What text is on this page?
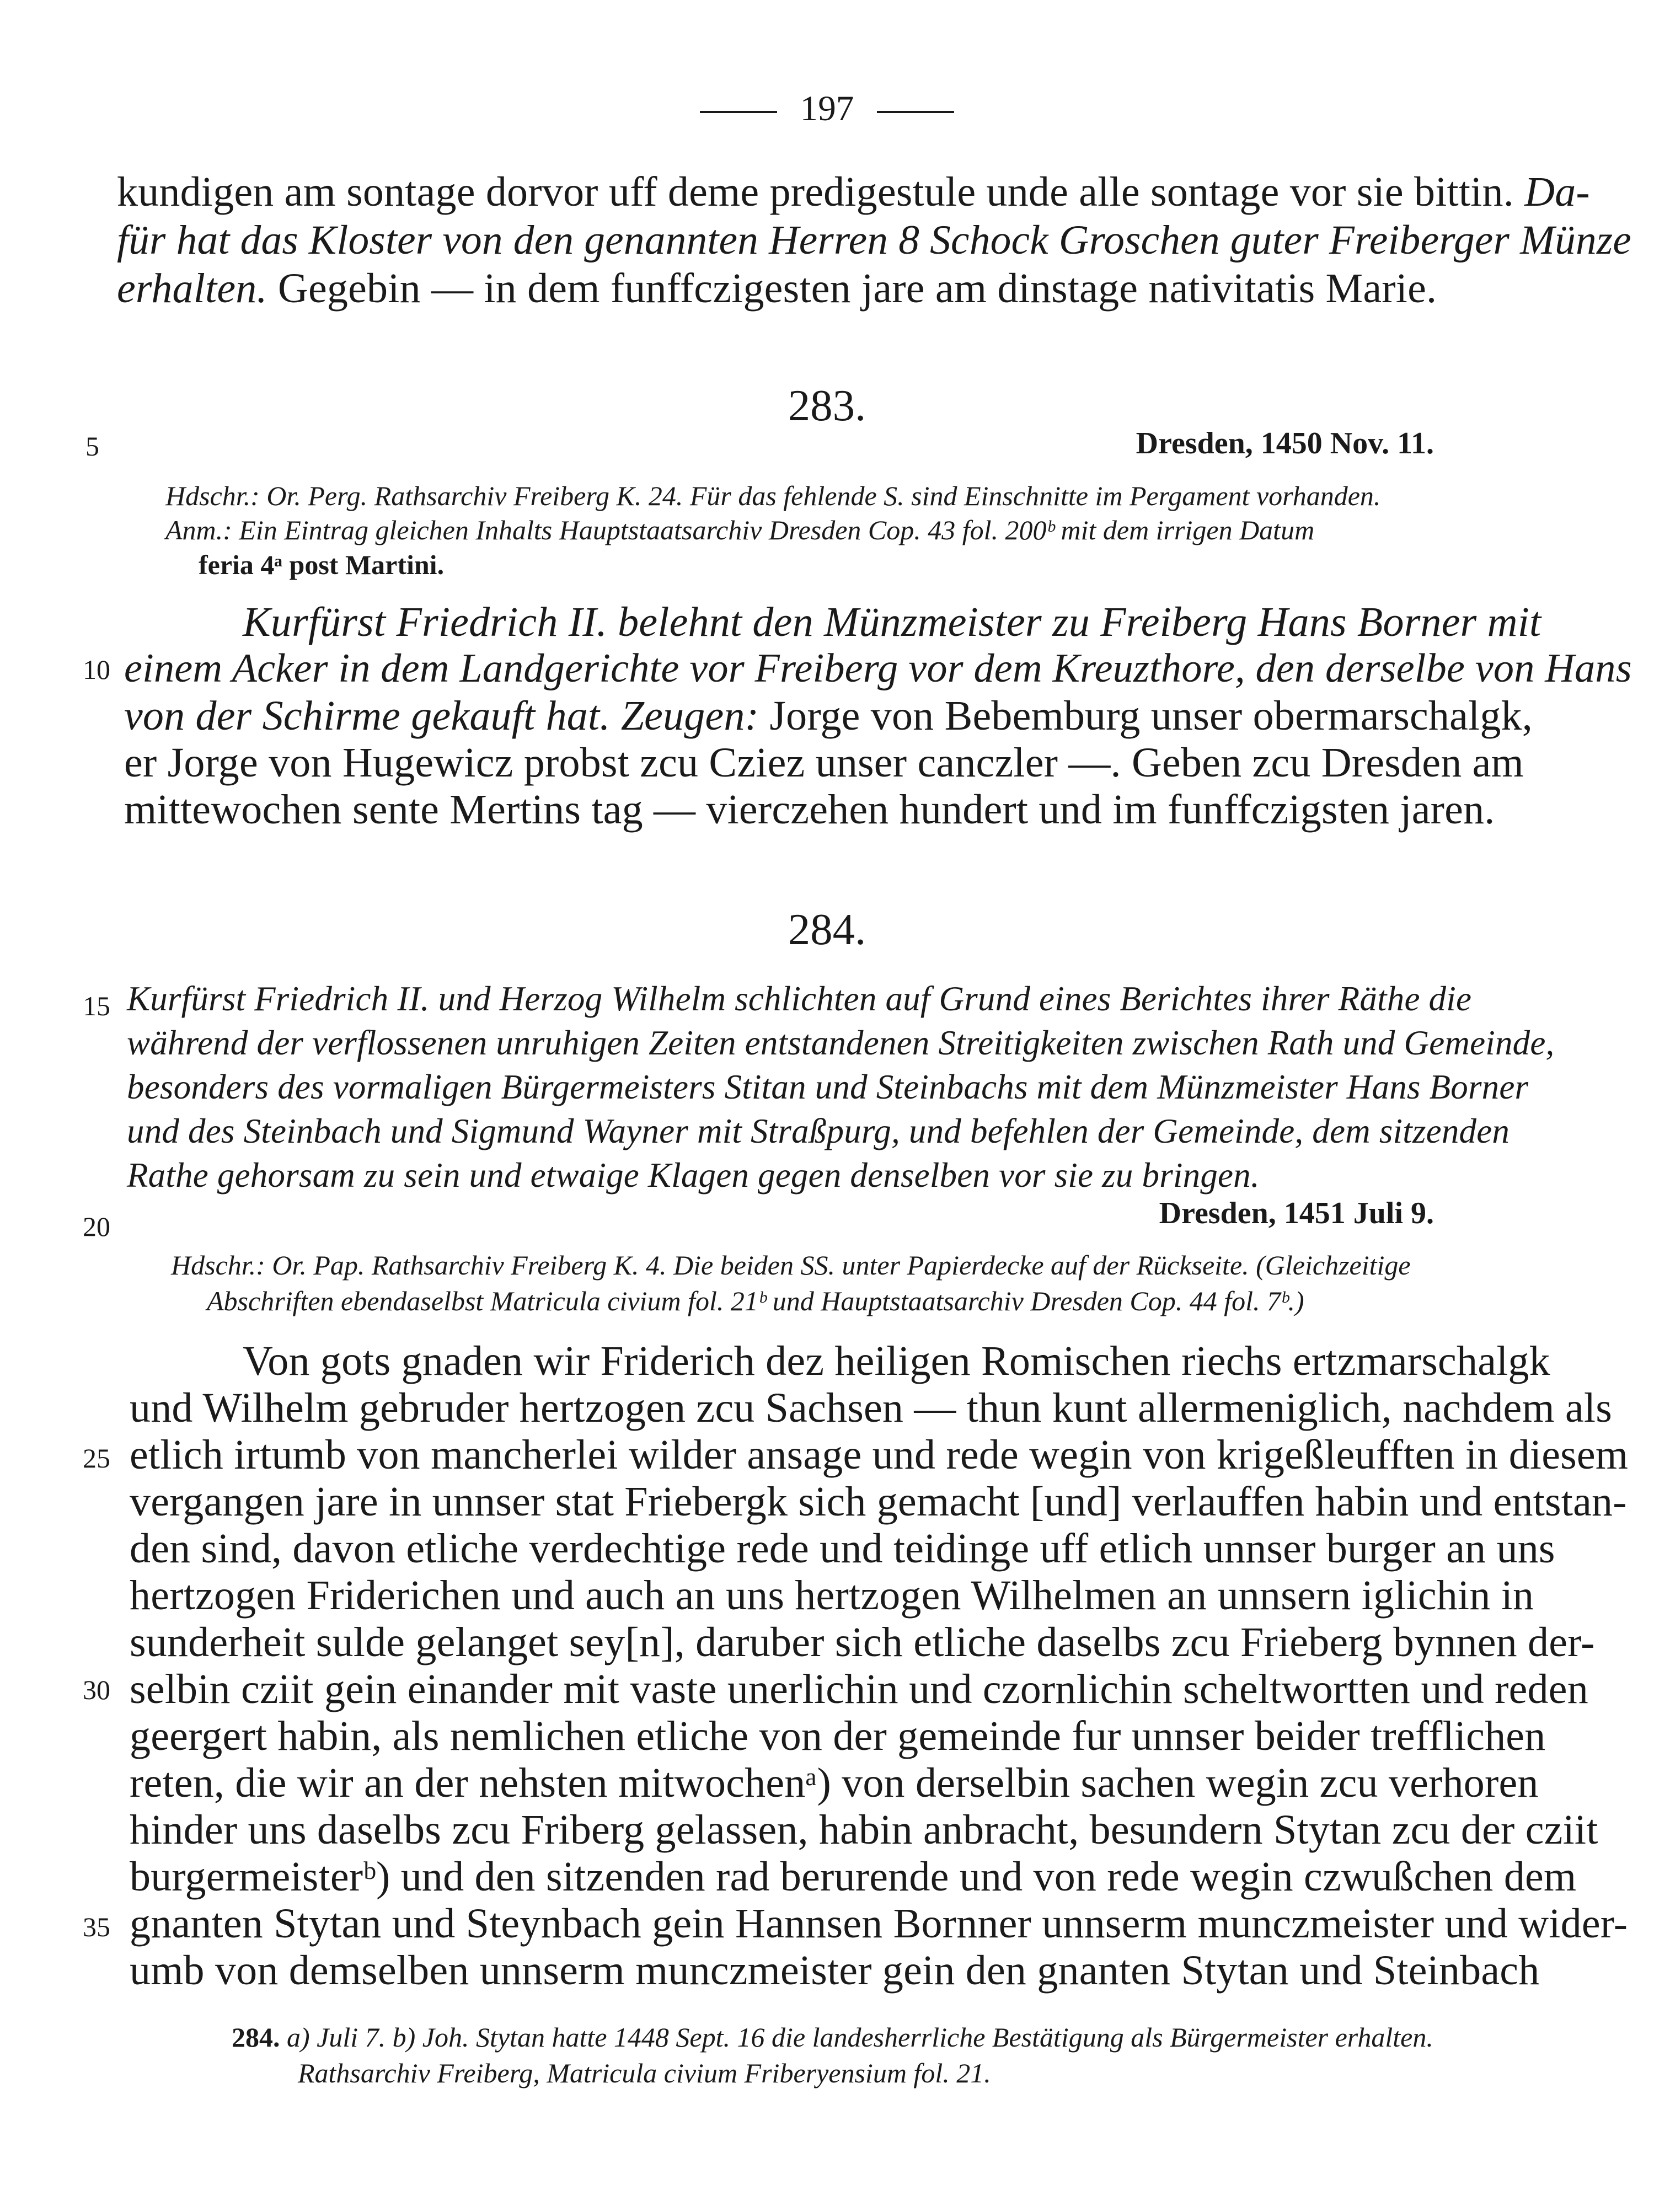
197

kundigen am sontage dorvor uff deme predigestule unde alle sontage vor sie bittin. Da-

für hat das Kloster von den genannten Herren 8 Schock Groschen guter Freiberger Münze

erhalten. Gegebin — in dem funffczigesten jare am dinstage nativitatis Marie.

283.
5	Dresden, 1450 Nov. 11.

Hdschr.: Or. Perg. Rathsarchiv Freiberg K. 24. Für das fehlende S. sind Einschnitte im Pergament vorhanden.

Anm.: Ein Eintrag gleichen Inhalts Hauptstaatsarchiv Dresden Cop. 43 fol. 200ᵇ mit dem irrigen Datum

feria 4ᵃ post Martini.

Kurfürst Friedrich II. belehnt den Münzmeister zu Freiberg Hans Borner mit

10 einem Acker in dem Landgerichte vor Freiberg vor dem Kreuzthore, den derselbe von Hans

von der Schirme gekauft hat. Zeugen: Jorge von Bebemburg unser obermarschalgk,

er Jorge von Hugewicz probst zcu Cziez unser canczler —. Geben zcu Dresden am

mittewochen sente Mertins tag — vierczehen hundert und im funffczigsten jaren.

284.
15 Kurfürst Friedrich II. und Herzog Wilhelm schlichten auf Grund eines Berichtes ihrer Räthe die

während der verflossenen unruhigen Zeiten entstandenen Streitigkeiten zwischen Rath und Gemeinde,

besonders des vormaligen Bürgermeisters Stitan und Steinbachs mit dem Münzmeister Hans Borner

und des Steinbach und Sigmund Wayner mit Straßpurg, und befehlen der Gemeinde, dem sitzenden

Rathe gehorsam zu sein und etwaige Klagen gegen denselben vor sie zu bringen.

20	Dresden, 1451 Juli 9.

Hdschr.: Or. Pap. Rathsarchiv Freiberg K. 4. Die beiden SS. unter Papierdecke auf der Rückseite. (Gleichzeitige

Abschriften ebendaselbst Matricula civium fol. 21ᵇ und Hauptstaatsarchiv Dresden Cop. 44 fol. 7ᵇ.)

Von gots gnaden wir Friderich dez heiligen Romischen riechs ertzmarschalgk

und Wilhelm gebruder hertzogen zcu Sachsen — thun kunt allermeniglich, nachdem als

25 etlich irtumb von mancherlei wilder ansage und rede wegin von krigeßleufften in diesem

vergangen jare in unnser stat Friebergk sich gemacht [und] verlauffen habin und entstan-

den sind, davon etliche verdechtige rede und teidinge uff etlich unnser burger an uns

hertzogen Friderichen und auch an uns hertzogen Wilhelmen an unnsern iglichin in

sunderheit sulde gelanget sey[n], daruber sich etliche daselbs zcu Frieberg bynnen der-

30 selbin cziit gein einander mit vaste unerlichin und czornlichin scheltwortten und reden

geergert habin, als nemlichen etliche von der gemeinde fur unnser beider trefflichen

reten, die wir an der nehsten mitwochenᵃ) von derselbin sachen wegin zcu verhoren

hinder uns daselbs zcu Friberg gelassen, habin anbracht, besundern Stytan zcu der cziit

burgermeisterᵇ) und den sitzenden rad berurende und von rede wegin czwußchen dem

35 gnanten Stytan und Steynbach gein Hannsen Bornner unnserm munczmeister und wider-

umb von demselben unnserm munczmeister gein den gnanten Stytan und Steinbach

284. a) Juli 7. b) Joh. Stytan hatte 1448 Sept. 16 die landesherrliche Bestätigung als Bürgermeister erhalten.

Rathsarchiv Freiberg, Matricula civium Friberyensium fol. 21.
